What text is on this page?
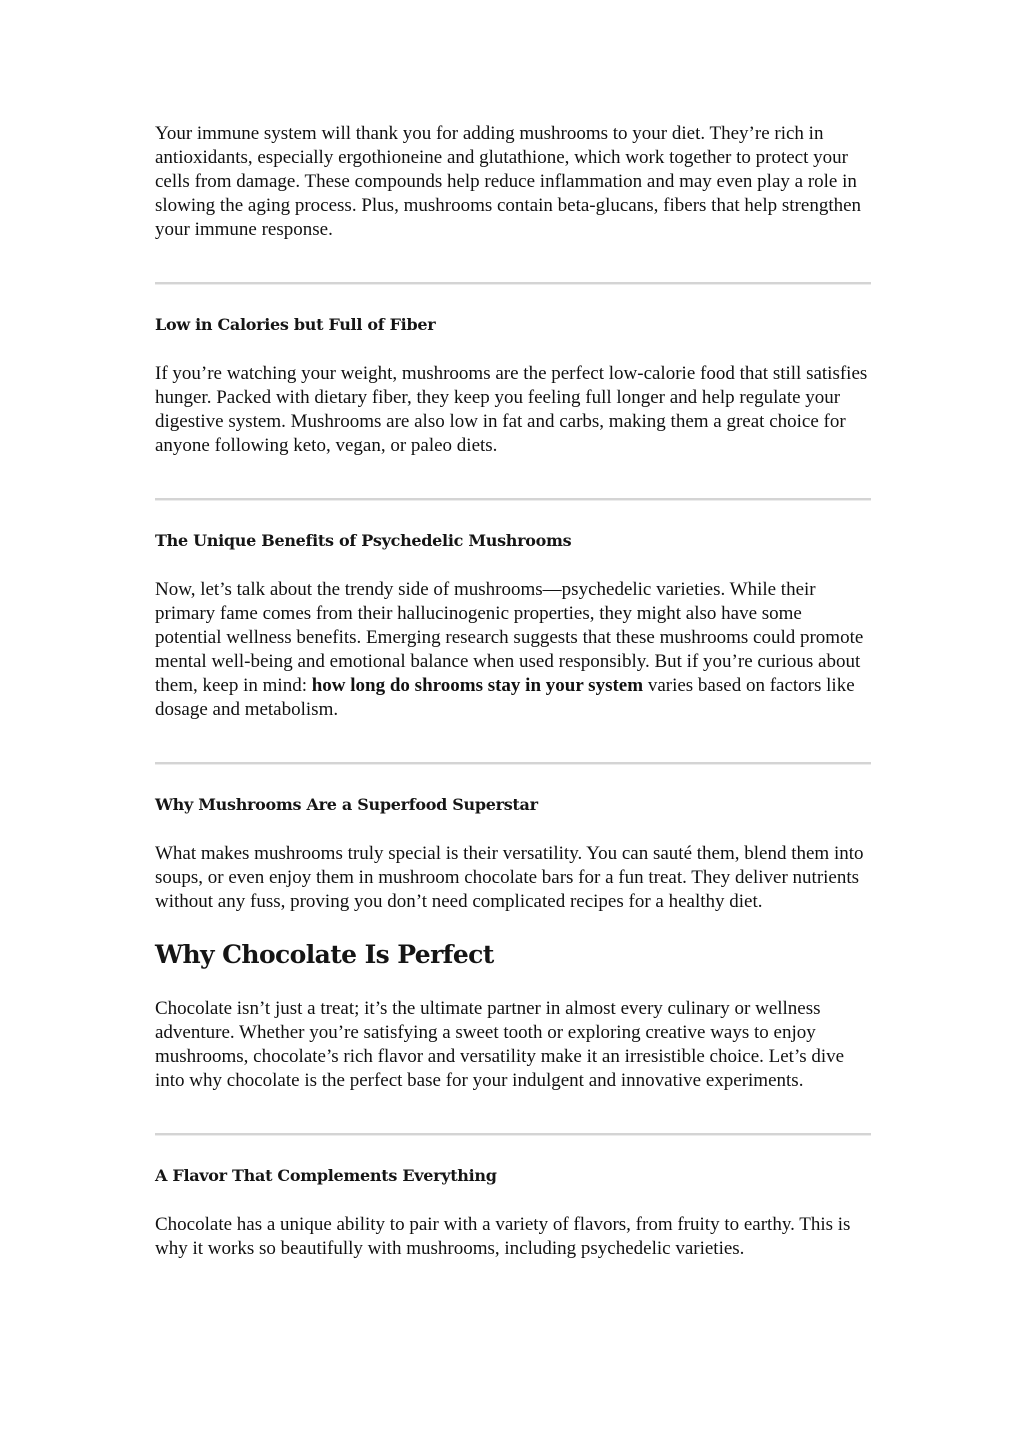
Your immune system will thank you for adding mushrooms to your diet. They’re rich in antioxidants, especially ergothioneine and glutathione, which work together to protect your cells from damage. These compounds help reduce inflammation and may even play a role in slowing the aging process. Plus, mushrooms contain beta-glucans, fibers that help strengthen your immune response.

Low in Calories but Full of Fiber

If you’re watching your weight, mushrooms are the perfect low-calorie food that still satisfies hunger. Packed with dietary fiber, they keep you feeling full longer and help regulate your digestive system. Mushrooms are also low in fat and carbs, making them a great choice for anyone following keto, vegan, or paleo diets.

The Unique Benefits of Psychedelic Mushrooms

Now, let’s talk about the trendy side of mushrooms—psychedelic varieties. While their primary fame comes from their hallucinogenic properties, they might also have some potential wellness benefits. Emerging research suggests that these mushrooms could promote mental well-being and emotional balance when used responsibly. But if you’re curious about them, keep in mind: how long do shrooms stay in your system varies based on factors like dosage and metabolism.

Why Mushrooms Are a Superfood Superstar

What makes mushrooms truly special is their versatility. You can sauté them, blend them into soups, or even enjoy them in mushroom chocolate bars for a fun treat. They deliver nutrients without any fuss, proving you don’t need complicated recipes for a healthy diet.

Why Chocolate Is Perfect

Chocolate isn’t just a treat; it’s the ultimate partner in almost every culinary or wellness adventure. Whether you’re satisfying a sweet tooth or exploring creative ways to enjoy mushrooms, chocolate’s rich flavor and versatility make it an irresistible choice. Let’s dive into why chocolate is the perfect base for your indulgent and innovative experiments.

A Flavor That Complements Everything

Chocolate has a unique ability to pair with a variety of flavors, from fruity to earthy. This is why it works so beautifully with mushrooms, including psychedelic varieties.
